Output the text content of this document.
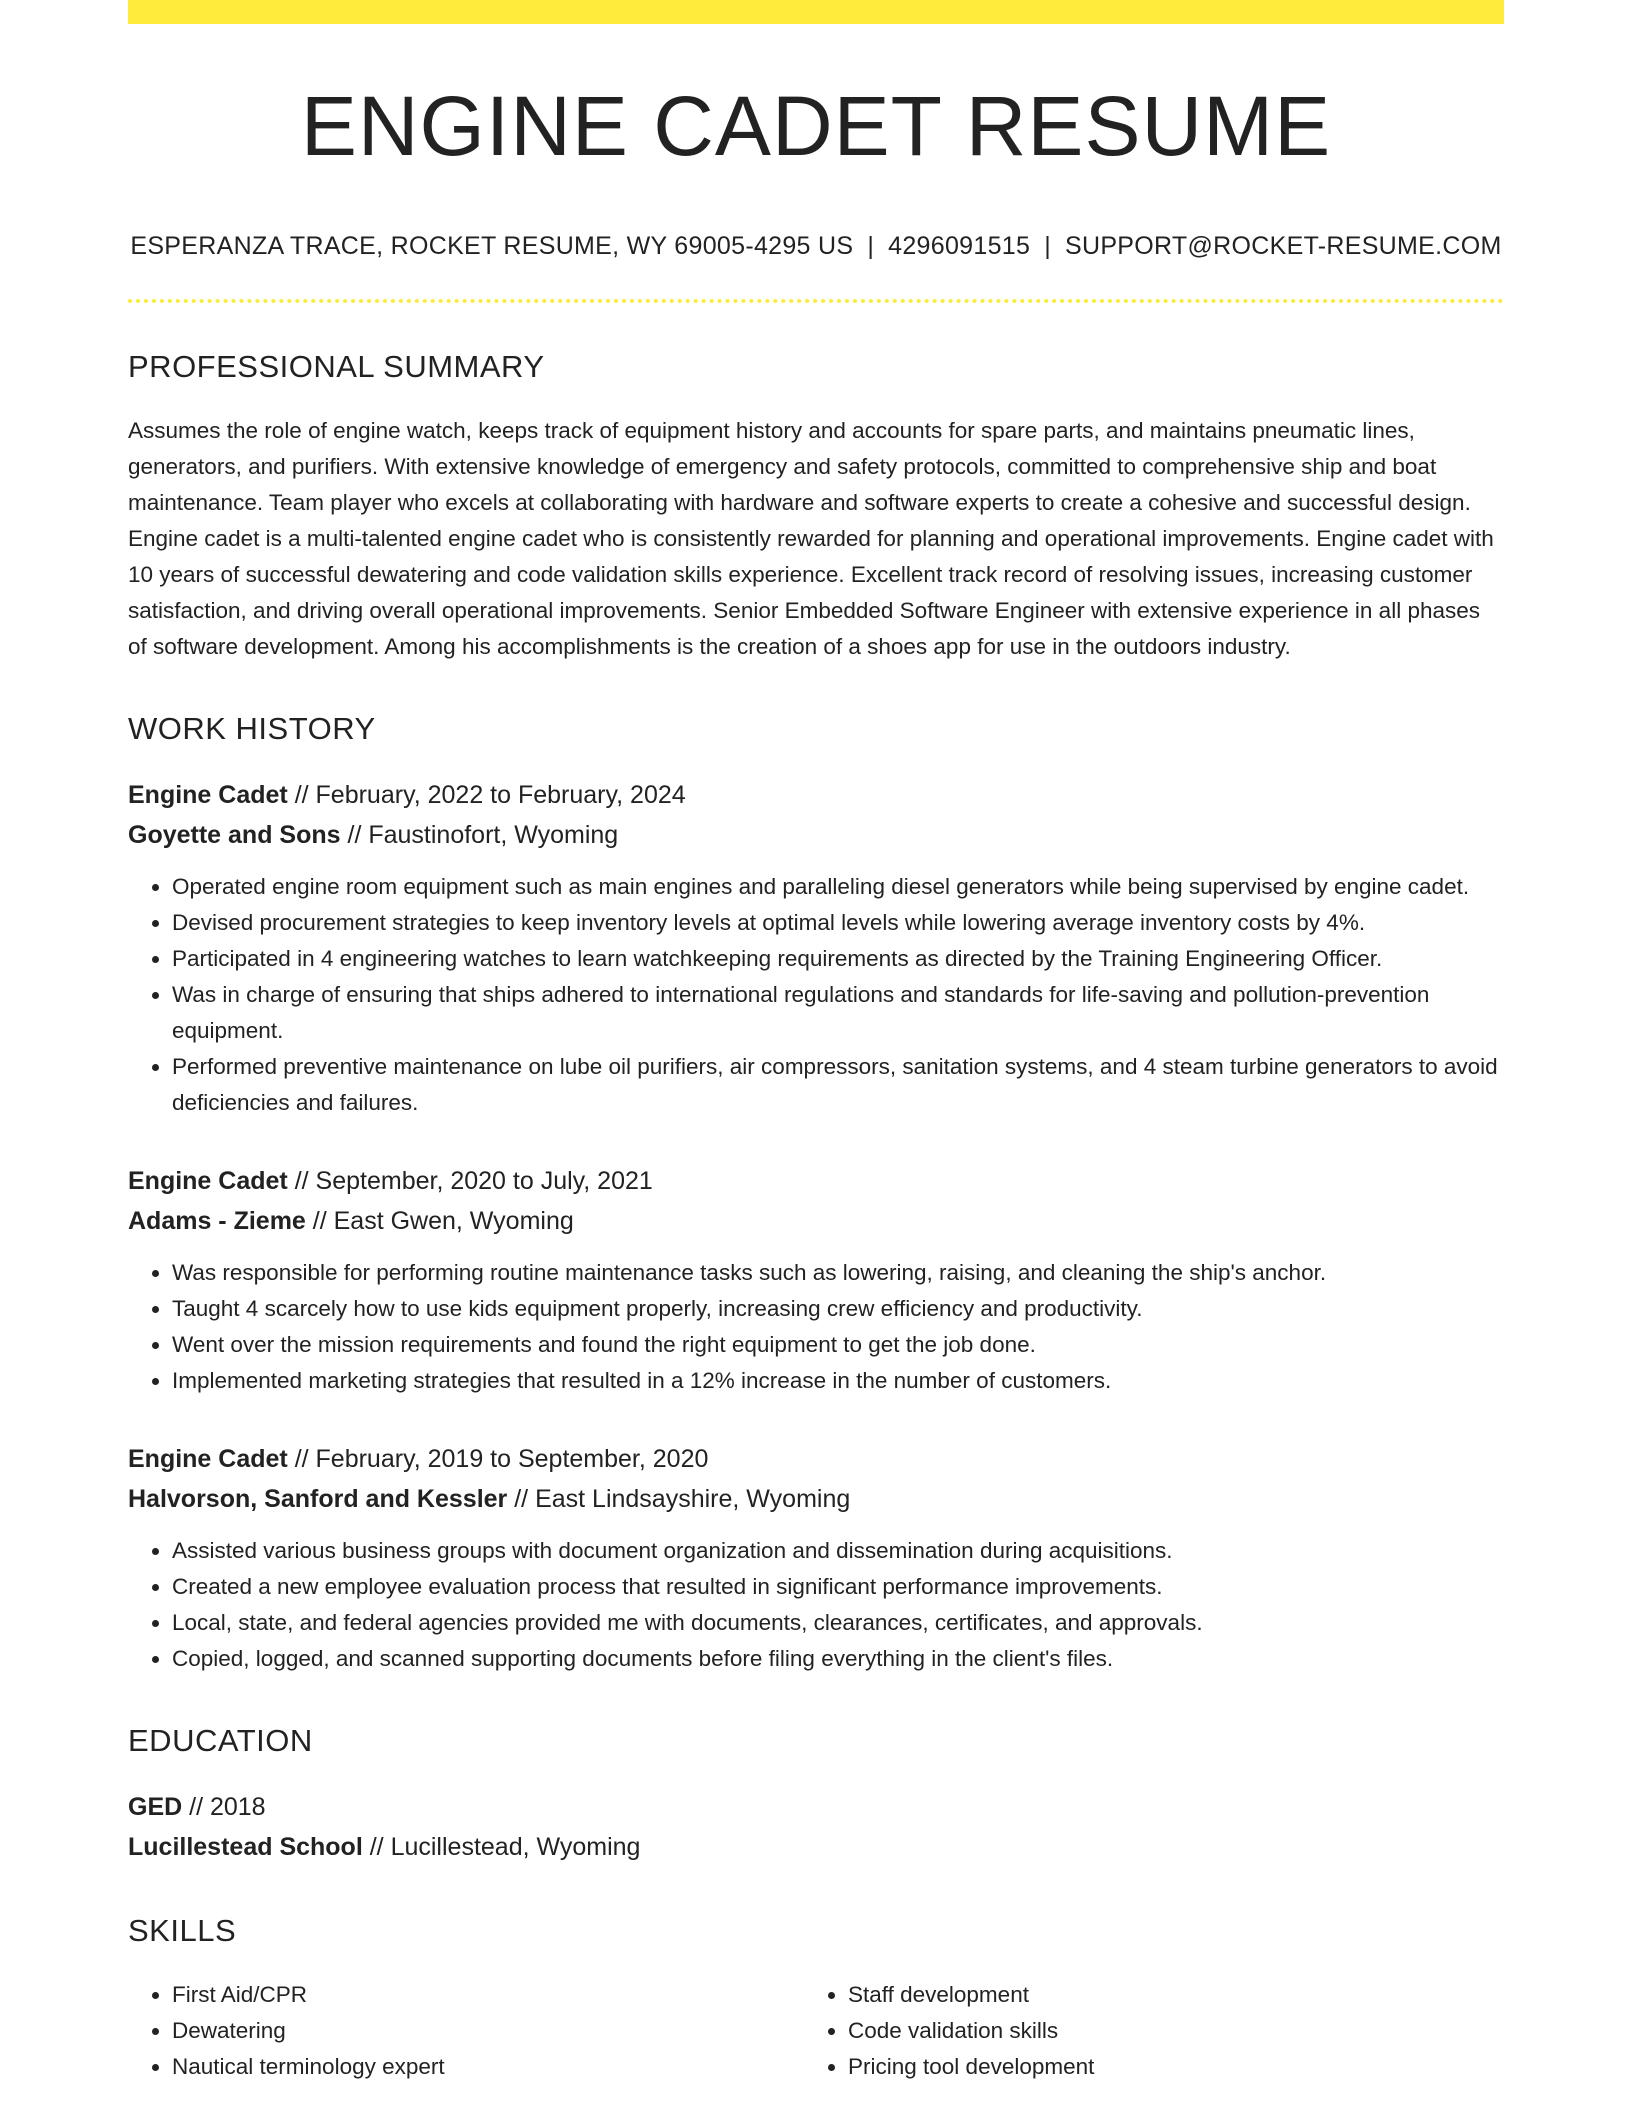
ENGINE CADET RESUME
ESPERANZA TRACE, ROCKET RESUME, WY 69005-4295 US | 4296091515 | SUPPORT@ROCKET-RESUME.COM
PROFESSIONAL SUMMARY

Assumes the role of engine watch, keeps track of equipment history and accounts for spare parts, and maintains pneumatic lines, generators, and purifiers. With extensive knowledge of emergency and safety protocols, committed to comprehensive ship and boat maintenance. Team player who excels at collaborating with hardware and software experts to create a cohesive and successful design. Engine cadet is a multi-talented engine cadet who is consistently rewarded for planning and operational improvements. Engine cadet with 10 years of successful dewatering and code validation skills experience. Excellent track record of resolving issues, increasing customer satisfaction, and driving overall operational improvements. Senior Embedded Software Engineer with extensive experience in all phases of software development. Among his accomplishments is the creation of a shoes app for use in the outdoors industry.

WORK HISTORY
Engine Cadet // February, 2022 to February, 2024
Goyette and Sons // Faustinofort, Wyoming
• Operated engine room equipment such as main engines and paralleling diesel generators while being supervised by engine cadet.
• Devised procurement strategies to keep inventory levels at optimal levels while lowering average inventory costs by 4%.
• Participated in 4 engineering watches to learn watchkeeping requirements as directed by the Training Engineering Officer.
• Was in charge of ensuring that ships adhered to international regulations and standards for life-saving and pollution-prevention equipment.
• Performed preventive maintenance on lube oil purifiers, air compressors, sanitation systems, and 4 steam turbine generators to avoid deficiencies and failures.
Engine Cadet // September, 2020 to July, 2021
Adams - Zieme // East Gwen, Wyoming
• Was responsible for performing routine maintenance tasks such as lowering, raising, and cleaning the ship's anchor.
• Taught 4 scarcely how to use kids equipment properly, increasing crew efficiency and productivity.
• Went over the mission requirements and found the right equipment to get the job done.
• Implemented marketing strategies that resulted in a 12% increase in the number of customers.
Engine Cadet // February, 2019 to September, 2020
Halvorson, Sanford and Kessler // East Lindsayshire, Wyoming
• Assisted various business groups with document organization and dissemination during acquisitions.
• Created a new employee evaluation process that resulted in significant performance improvements.
• Local, state, and federal agencies provided me with documents, clearances, certificates, and approvals.
• Copied, logged, and scanned supporting documents before filing everything in the client's files.
EDUCATION
GED // 2018
Lucillestead School // Lucillestead, Wyoming
SKILLS
• First Aid/CPR
• Dewatering
• Nautical terminology expert
• Staff development
• Code validation skills
• Pricing tool development
